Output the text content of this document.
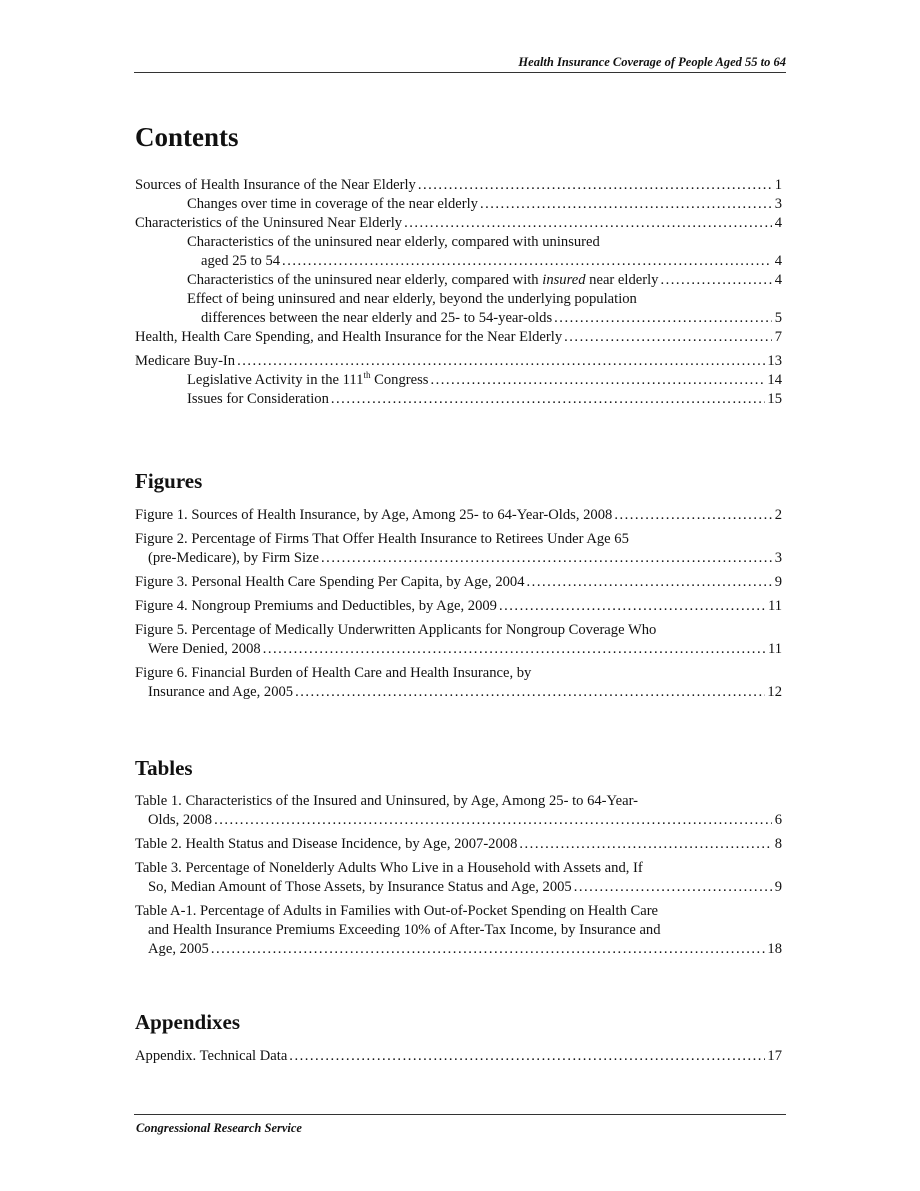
Health Insurance Coverage of People Aged 55 to 64
Contents
Sources of Health Insurance of the Near Elderly .....	1
Changes over time in coverage of the near elderly .....	3
Characteristics of the Uninsured Near Elderly .....	4
Characteristics of the uninsured near elderly, compared with uninsured
aged 25 to 54 .....	4
Characteristics of the uninsured near elderly, compared with insured near elderly .....	4
Effect of being uninsured and near elderly, beyond the underlying population
differences between the near elderly and 25- to 54-year-olds .....	5
Health, Health Care Spending, and Health Insurance for the Near Elderly .....	7
Medicare Buy-In .....	13
Legislative Activity in the 111th Congress .....	14
Issues for Consideration .....	15
Figures
Figure 1. Sources of Health Insurance, by Age, Among 25- to 64-Year-Olds, 2008 .....	2
Figure 2. Percentage of Firms That Offer Health Insurance to Retirees Under Age 65
(pre-Medicare), by Firm Size .....	3
Figure 3. Personal Health Care Spending Per Capita, by Age, 2004 .....	9
Figure 4. Nongroup Premiums and Deductibles, by Age, 2009 .....	11
Figure 5. Percentage of Medically Underwritten Applicants for Nongroup Coverage Who
Were Denied, 2008 .....	11
Figure 6. Financial Burden of Health Care and Health Insurance, by
Insurance and Age, 2005 .....	12
Tables
Table 1. Characteristics of the Insured and Uninsured, by Age, Among 25- to 64-Year-
Olds, 2008 .....	6
Table 2. Health Status and Disease Incidence, by Age, 2007-2008 .....	8
Table 3. Percentage of Nonelderly Adults Who Live in a Household with Assets and, If
So, Median Amount of Those Assets, by Insurance Status and Age, 2005 .....	9
Table A-1. Percentage of Adults in Families with Out-of-Pocket Spending on Health Care
and Health Insurance Premiums Exceeding 10% of After-Tax Income, by Insurance and
Age, 2005 .....	18
Appendixes
Appendix. Technical Data .....	17
Congressional Research Service
